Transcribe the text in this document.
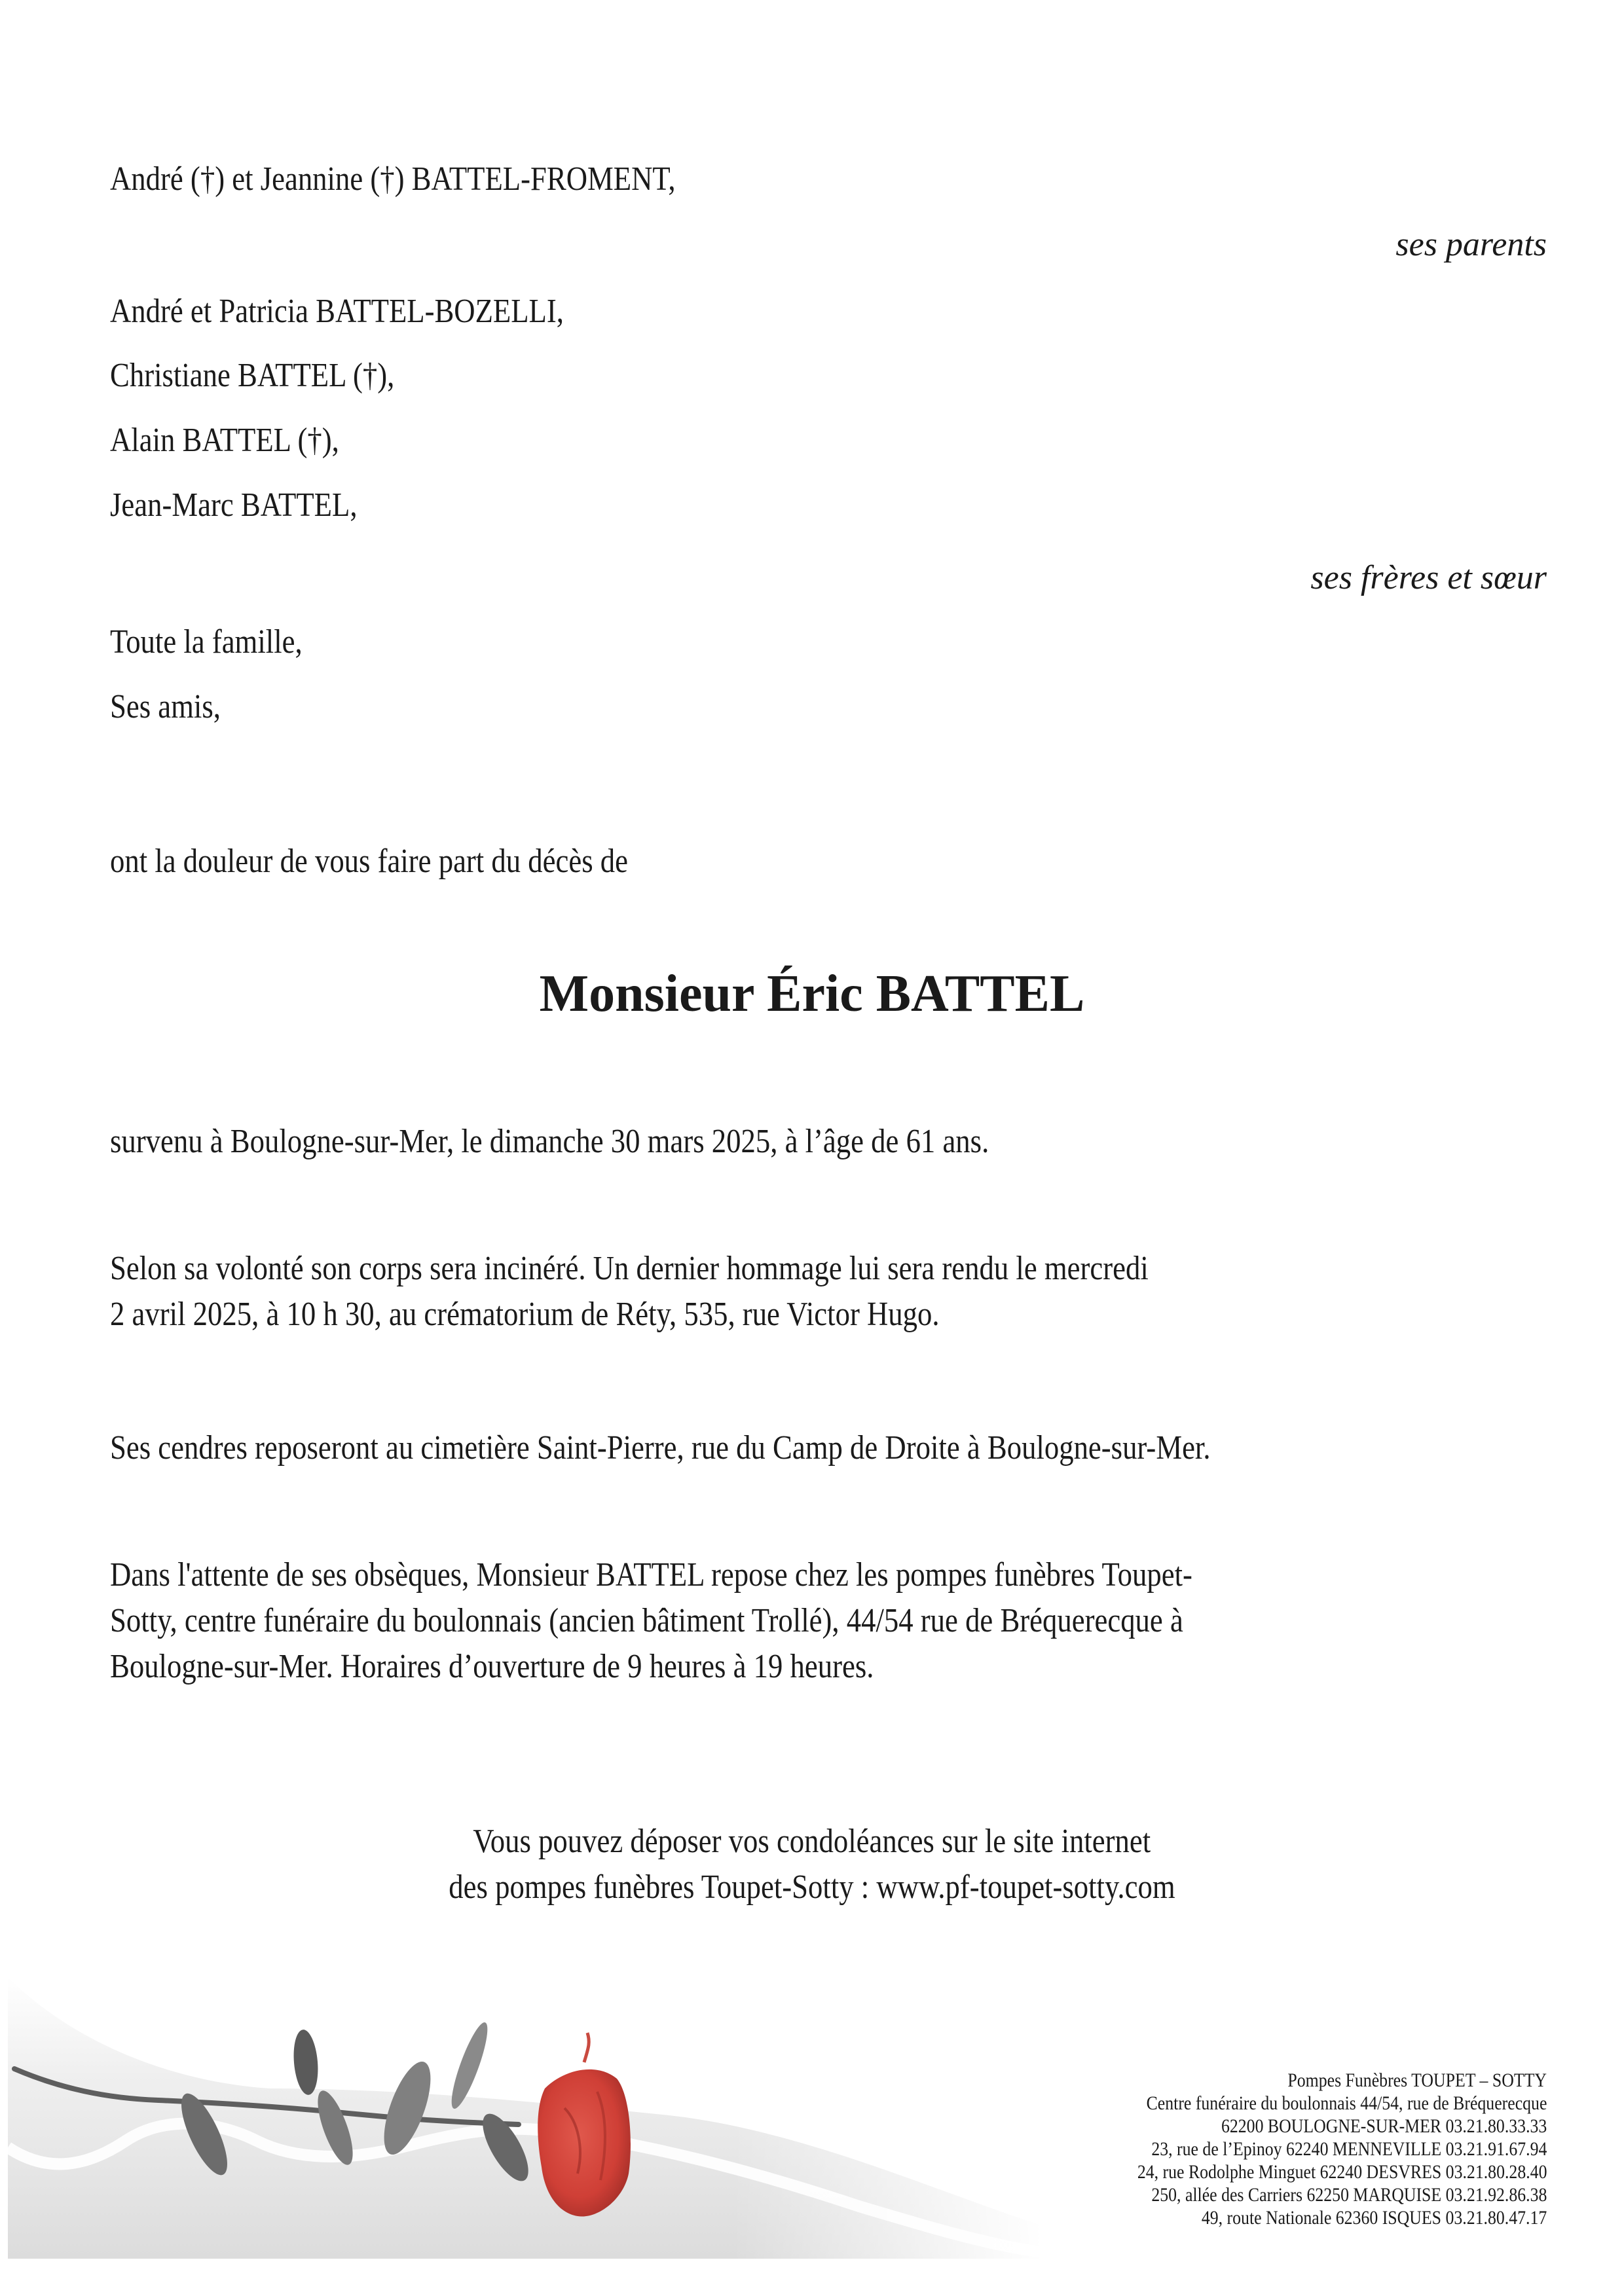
André (†) et Jeannine (†) BATTEL-FROMENT,
ses parents
André et Patricia BATTEL-BOZELLI,
Christiane BATTEL (†),
Alain BATTEL (†),
Jean-Marc BATTEL,
ses frères et sœur
Toute la famille,
Ses amis,
ont la douleur de vous faire part du décès de
Monsieur Éric BATTEL
survenu à Boulogne-sur-Mer, le dimanche 30 mars 2025, à l’âge de 61 ans.
Selon sa volonté son corps sera incinéré. Un dernier hommage lui sera rendu le mercredi
2 avril 2025, à 10 h 30, au crématorium de Réty, 535, rue Victor Hugo.
Ses cendres reposeront au cimetière Saint-Pierre, rue du Camp de Droite à Boulogne-sur-Mer.
Dans l'attente de ses obsèques, Monsieur BATTEL repose chez les pompes funèbres Toupet-
Sotty, centre funéraire du boulonnais (ancien bâtiment Trollé), 44/54 rue de Bréquerecque à
Boulogne-sur-Mer. Horaires d’ouverture de 9 heures à 19 heures.
Vous pouvez déposer vos condoléances sur le site internet
des pompes funèbres Toupet-Sotty : www.pf-toupet-sotty.com
Pompes Funèbres TOUPET – SOTTY
Centre funéraire du boulonnais 44/54, rue de Bréquerecque
62200 BOULOGNE-SUR-MER 03.21.80.33.33
23, rue de l’Epinoy 62240 MENNEVILLE 03.21.91.67.94
24, rue Rodolphe Minguet 62240 DESVRES 03.21.80.28.40
250, allée des Carriers 62250 MARQUISE 03.21.92.86.38
49, route Nationale 62360 ISQUES 03.21.80.47.17
